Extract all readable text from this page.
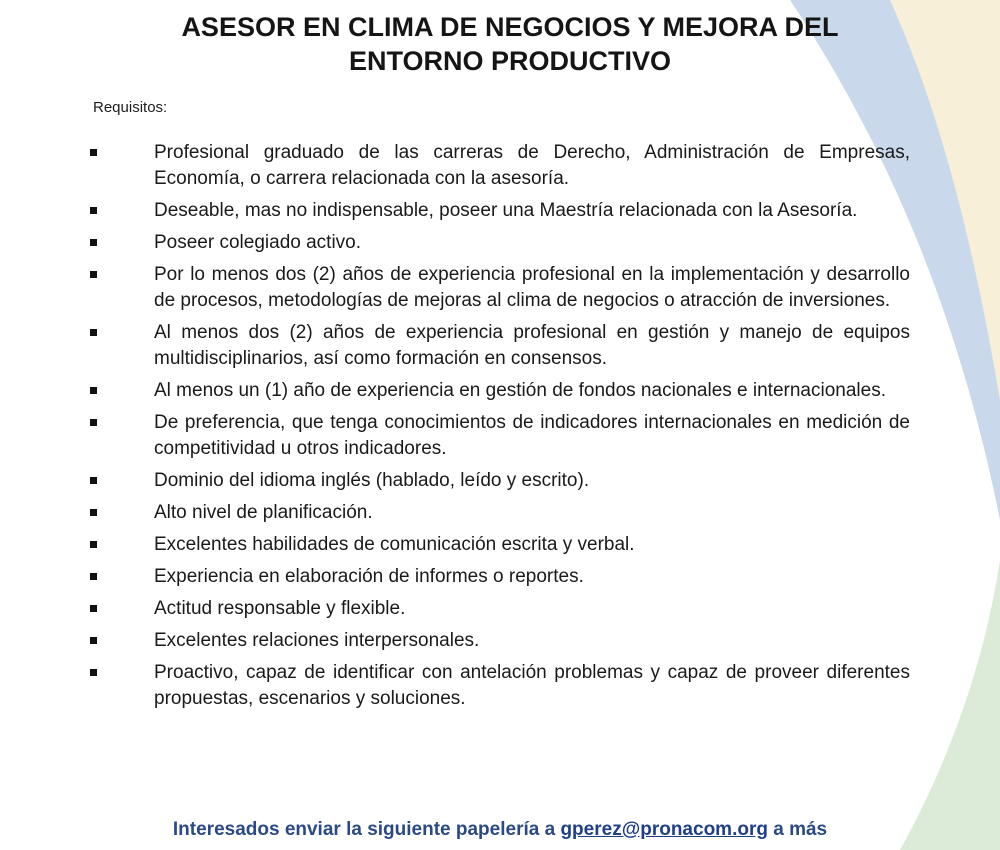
ASESOR EN CLIMA DE NEGOCIOS Y MEJORA DEL
ENTORNO PRODUCTIVO
Requisitos:
Profesional graduado de las carreras de Derecho, Administración de Empresas, Economía, o carrera relacionada con la asesoría.
Deseable, mas no indispensable, poseer una Maestría relacionada con la Asesoría.
Poseer colegiado activo.
Por lo menos dos (2) años de experiencia profesional en la implementación y desarrollo de procesos, metodologías de mejoras al clima de negocios o atracción de inversiones.
Al menos dos (2) años de experiencia profesional en gestión y manejo de equipos multidisciplinarios, así como formación en consensos.
Al menos un (1) año de experiencia en gestión de fondos nacionales e internacionales.
De preferencia, que tenga conocimientos de indicadores internacionales en medición de competitividad u otros indicadores.
Dominio del idioma inglés (hablado, leído y escrito).
Alto nivel de planificación.
Excelentes habilidades de comunicación escrita y verbal.
Experiencia en elaboración de informes o reportes.
Actitud responsable y flexible.
Excelentes relaciones interpersonales.
Proactivo, capaz de identificar con antelación problemas y capaz de proveer diferentes propuestas, escenarios y soluciones.
Interesados enviar la siguiente papelería a gperez@pronacom.org a más
